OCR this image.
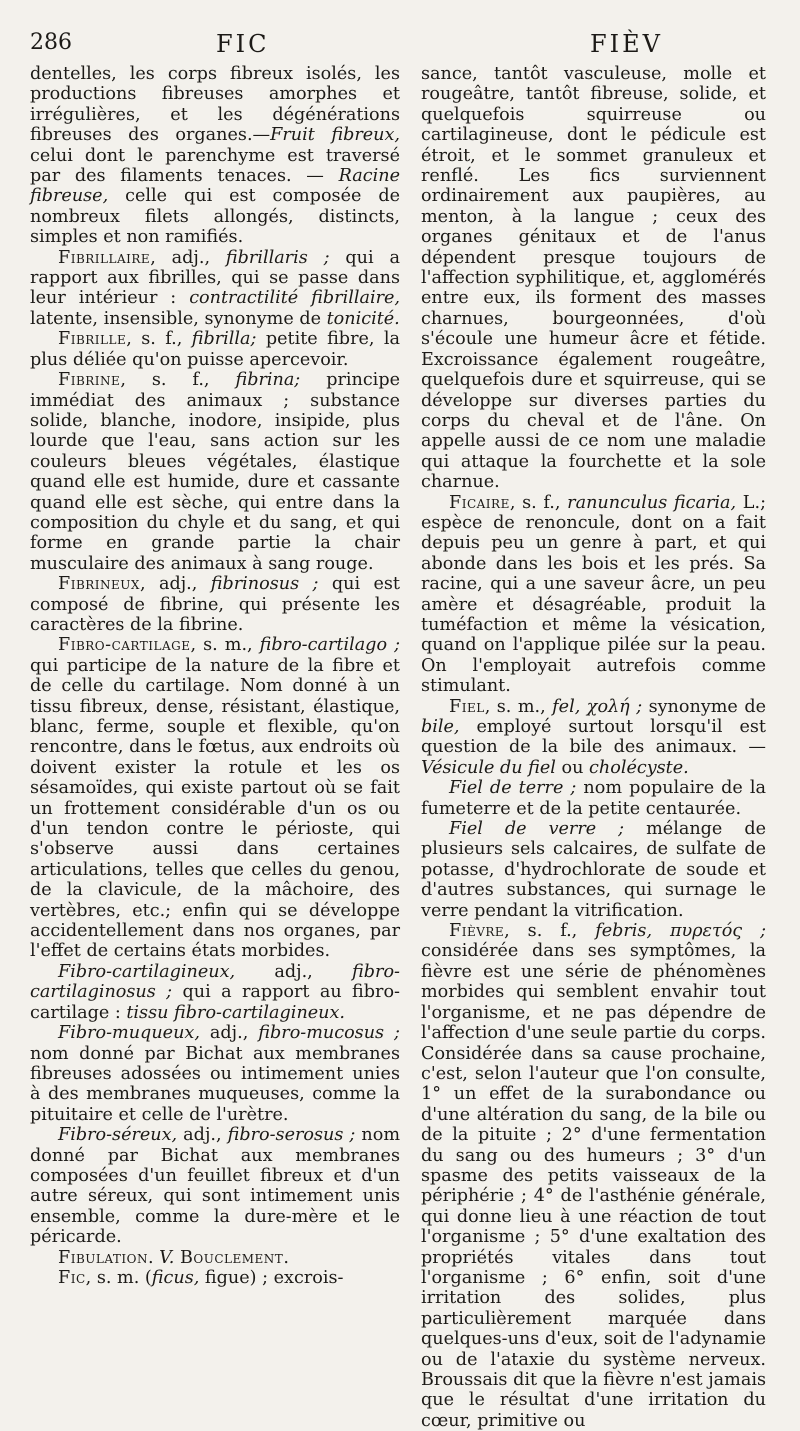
286	FIC	FIÈV

dentelles, les corps fibreux isolés, les productions fibreuses amorphes et irrégulières, et les dégénérations fibreuses des organes.—Fruit fibreux, celui dont le parenchyme est traversé par des filaments tenaces. — Racine fibreuse, celle qui est composée de nombreux filets allongés, distincts, simples et non ramifiés.

Fibrillaire, adj., fibrillaris ; qui a rapport aux fibrilles, qui se passe dans leur intérieur : contractilité fibrillaire, latente, insensible, synonyme de tonicité.

Fibrille, s. f., fibrilla; petite fibre, la plus déliée qu'on puisse apercevoir.

Fibrine, s. f., fibrina; principe immédiat des animaux ; substance solide, blanche, inodore, insipide, plus lourde que l'eau, sans action sur les couleurs bleues végétales, élastique quand elle est humide, dure et cassante quand elle est sèche, qui entre dans la composition du chyle et du sang, et qui forme en grande partie la chair musculaire des animaux à sang rouge.

Fibrineux, adj., fibrinosus ; qui est composé de fibrine, qui présente les caractères de la fibrine.

Fibro-cartilage, s. m., fibro-cartilago ; qui participe de la nature de la fibre et de celle du cartilage. Nom donné à un tissu fibreux, dense, résistant, élastique, blanc, ferme, souple et flexible, qu'on rencontre, dans le fœtus, aux endroits où doivent exister la rotule et les os sésamoïdes, qui existe partout où se fait un frottement considérable d'un os ou d'un tendon contre le périoste, qui s'observe aussi dans certaines articulations, telles que celles du genou, de la clavicule, de la mâchoire, des vertèbres, etc.; enfin qui se développe accidentellement dans nos organes, par l'effet de certains états morbides.

Fibro-cartilagineux, adj., fibro-cartilaginosus ; qui a rapport au fibro-cartilage : tissu fibro-cartilagineux.

Fibro-muqueux, adj., fibro-mucosus ; nom donné par Bichat aux membranes fibreuses adossées ou intimement unies à des membranes muqueuses, comme la pituitaire et celle de l'urètre.

Fibro-séreux, adj., fibro-serosus ; nom donné par Bichat aux membranes composées d'un feuillet fibreux et d'un autre séreux, qui sont intimement unis ensemble, comme la dure-mère et le péricarde.

Fibulation. V. Bouclement.

Fic, s. m. (ficus, figue) ; excrois-

sance, tantôt vasculeuse, molle et rougeâtre, tantôt fibreuse, solide, et quelquefois squirreuse ou cartilagineuse, dont le pédicule est étroit, et le sommet granuleux et renflé. Les fics surviennent ordinairement aux paupières, au menton, à la langue ; ceux des organes génitaux et de l'anus dépendent presque toujours de l'affection syphilitique, et, agglomérés entre eux, ils forment des masses charnues, bourgeonnées, d'où s'écoule une humeur âcre et fétide. Excroissance également rougeâtre, quelquefois dure et squirreuse, qui se développe sur diverses parties du corps du cheval et de l'âne. On appelle aussi de ce nom une maladie qui attaque la fourchette et la sole charnue.

Ficaire, s. f., ranunculus ficaria, L.; espèce de renoncule, dont on a fait depuis peu un genre à part, et qui abonde dans les bois et les prés. Sa racine, qui a une saveur âcre, un peu amère et désagréable, produit la tuméfaction et même la vésication, quand on l'applique pilée sur la peau. On l'employait autrefois comme stimulant.

Fiel, s. m., fel, χολή ; synonyme de bile, employé surtout lorsqu'il est question de la bile des animaux. — Vésicule du fiel ou cholécyste.

Fiel de terre ; nom populaire de la fumeterre et de la petite centaurée.

Fiel de verre ; mélange de plusieurs sels calcaires, de sulfate de potasse, d'hydrochlorate de soude et d'autres substances, qui surnage le verre pendant la vitrification.

Fièvre, s. f., febris, πυρετός ; considérée dans ses symptômes, la fièvre est une série de phénomènes morbides qui semblent envahir tout l'organisme, et ne pas dépendre de l'affection d'une seule partie du corps. Considérée dans sa cause prochaine, c'est, selon l'auteur que l'on consulte, 1° un effet de la surabondance ou d'une altération du sang, de la bile ou de la pituite ; 2° d'une fermentation du sang ou des humeurs ; 3° d'un spasme des petits vaisseaux de la périphérie ; 4° de l'asthénie générale, qui donne lieu à une réaction de tout l'organisme ; 5° d'une exaltation des propriétés vitales dans tout l'organisme ; 6° enfin, soit d'une irritation des solides, plus particulièrement marquée dans quelques-uns d'eux, soit de l'adynamie ou de l'ataxie du système nerveux. Broussais dit que la fièvre n'est jamais que le résultat d'une irritation du cœur, primitive ou
